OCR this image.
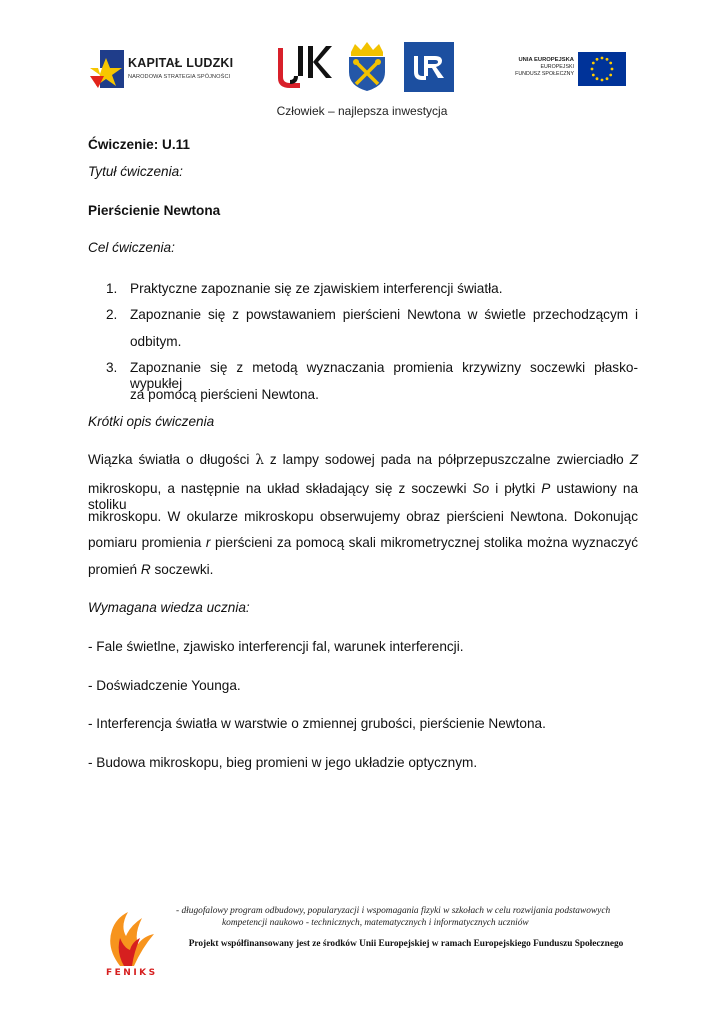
KAPITAŁ LUDZKI
NARODOWA STRATEGIA SPÓJNOŚCI
UNIA EUROPEJSKA
EUROPEJSKI
FUNDUSZ SPOŁECZNY
Człowiek – najlepsza inwestycja
Ćwiczenie: U.11
Tytuł ćwiczenia:
Pierścienie Newtona
Cel ćwiczenia:
1. Praktyczne zapoznanie się ze zjawiskiem interferencji światła.
2. Zapoznanie się z powstawaniem pierścieni Newtona w świetle przechodzącym i
odbitym.
3. Zapoznanie się z metodą wyznaczania promienia krzywizny soczewki płasko-wypukłej
za pomocą pierścieni Newtona.
Krótki opis ćwiczenia
Wiązka światła o długości λ z lampy sodowej pada na półprzepuszczalne zwierciadło Z
mikroskopu, a następnie na układ składający się z soczewki So i płytki P ustawiony na stoliku
mikroskopu. W okularze mikroskopu obserwujemy obraz pierścieni Newtona. Dokonując
pomiaru promienia r pierścieni za pomocą skali mikrometrycznej stolika można wyznaczyć
promień R soczewki.
Wymagana wiedza ucznia:
- Fale świetlne, zjawisko interferencji fal, warunek interferencji.
- Doświadczenie Younga.
- Interferencja światła w warstwie o zmiennej grubości, pierścienie Newtona.
- Budowa mikroskopu, bieg promieni w jego układzie optycznym.
FENIKS
- długofalowy program odbudowy, popularyzacji i wspomagania fizyki w szkołach w celu rozwijania podstawowych
kompetencji naukowo - technicznych, matematycznych i informatycznych uczniów
Projekt współfinansowany jest ze środków Unii Europejskiej w ramach Europejskiego Funduszu Społecznego
